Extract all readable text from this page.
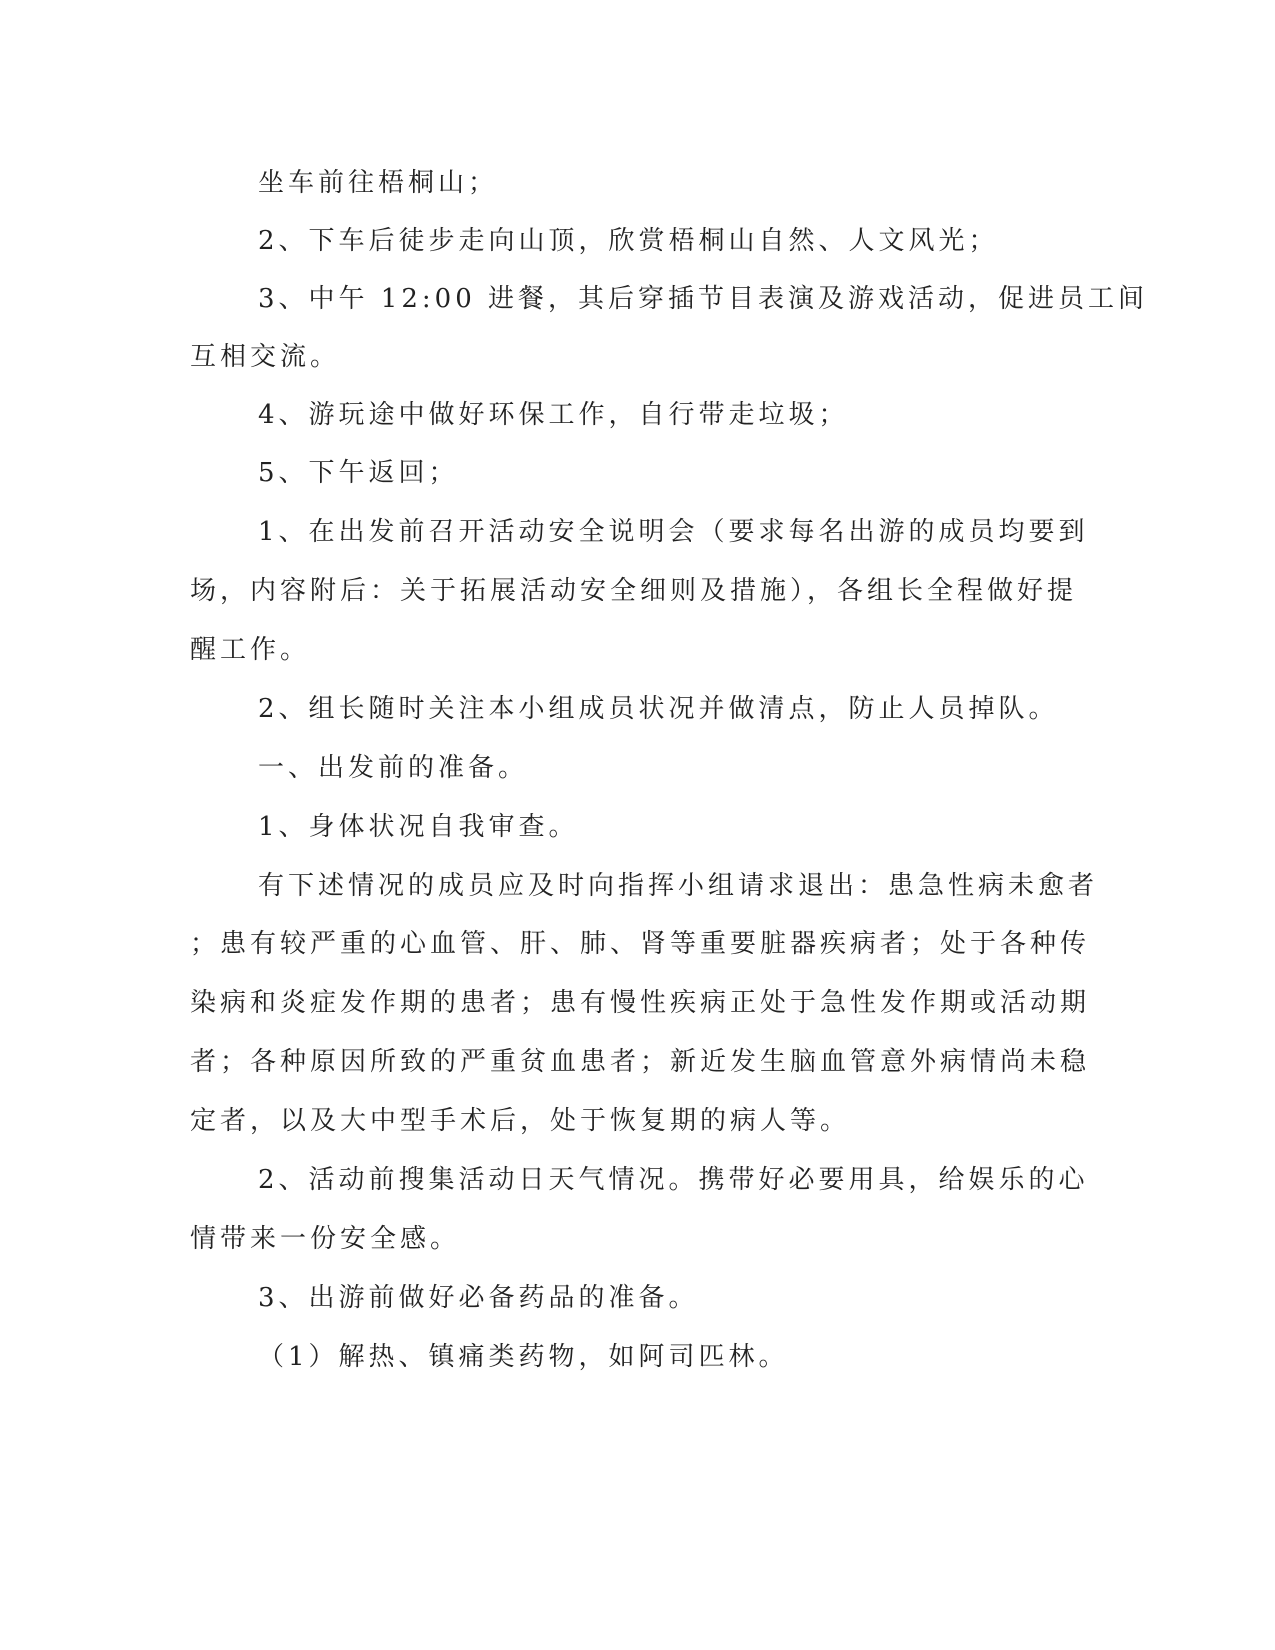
坐车前往梧桐山；
2、下车后徒步走向山顶，欣赏梧桐山自然、人文风光；
3、中午 12:00 进餐，其后穿插节目表演及游戏活动，促进员工间
互相交流。
4、游玩途中做好环保工作，自行带走垃圾；
5、下午返回；
1、在出发前召开活动安全说明会（要求每名出游的成员均要到
场，内容附后：关于拓展活动安全细则及措施），各组长全程做好提
醒工作。
2、组长随时关注本小组成员状况并做清点，防止人员掉队。
一、出发前的准备。
1、身体状况自我审查。
有下述情况的成员应及时向指挥小组请求退出：患急性病未愈者
；患有较严重的心血管、肝、肺、肾等重要脏器疾病者；处于各种传
染病和炎症发作期的患者；患有慢性疾病正处于急性发作期或活动期
者；各种原因所致的严重贫血患者；新近发生脑血管意外病情尚未稳
定者，以及大中型手术后，处于恢复期的病人等。
2、活动前搜集活动日天气情况。携带好必要用具，给娱乐的心
情带来一份安全感。
3、出游前做好必备药品的准备。
（1）解热、镇痛类药物，如阿司匹林。
